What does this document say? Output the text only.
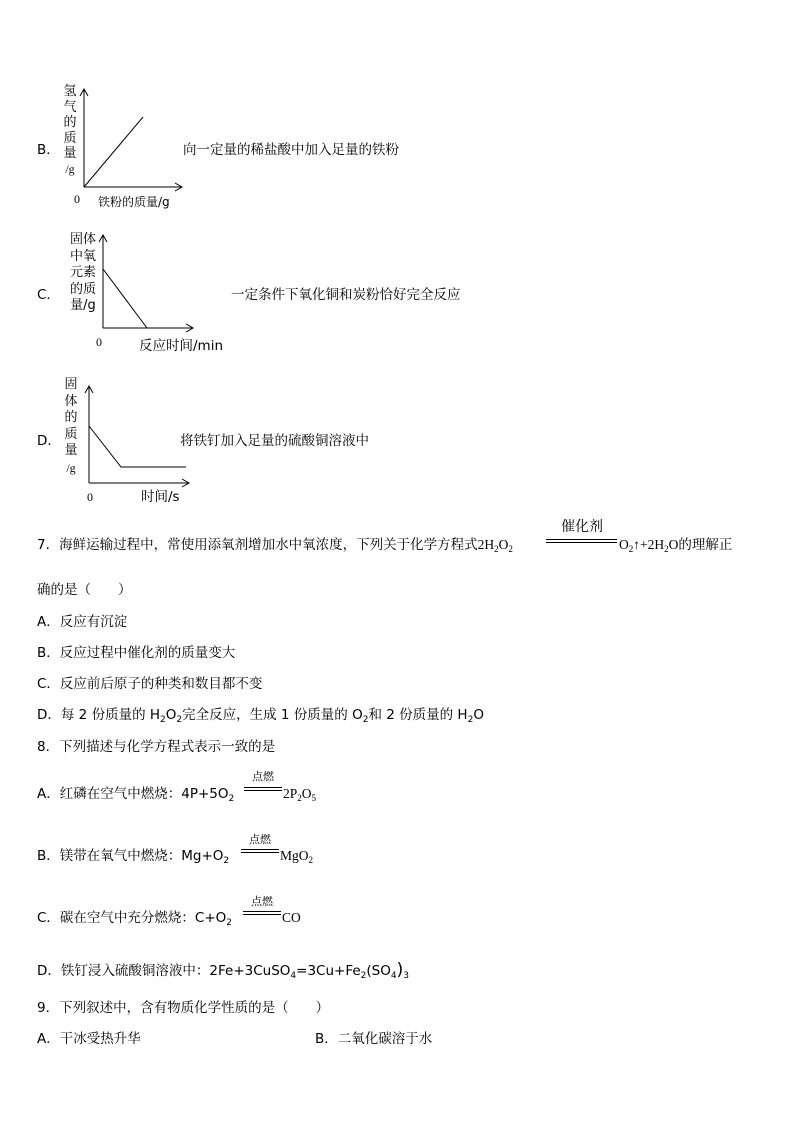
B．
氢
气
的
质
量
/g
0 铁粉的质量/g
向一定量的稀盐酸中加入足量的铁粉
C．
固体
中氧
元素
的质
量/g
0	反应时间/min
一定条件下氧化铜和炭粉恰好完全反应
D．
固
体
的
质
量
/g
0	时间/s
将铁钉加入足量的硫酸铜溶液中
7．海鲜运输过程中，常使用添氧剂增加水中氧浓度，下列关于化学方程式$2H_2O_2$
催化剂
$O_2↑+2H_2O$的理解正
确的是（　　）
A．反应有沉淀
B．反应过程中催化剂的质量变大
C．反应前后原子的种类和数目都不变
D．每 2 份质量的 $H_2O_2$完全反应，生成 1 份质量的 $O_2$和 2 份质量的 $H_2O$
8．下列描述与化学方程式表示一致的是
A．红磷在空气中燃烧：$4P+5O_2$
点燃
$2P_2O_5$
B．镁带在氧气中燃烧：$Mg+O_2$
点燃
MgO$_2$
C．碳在空气中充分燃烧：$C+O_2$
点燃
CO
D．铁钉浸入硫酸铜溶液中：$2Fe+3CuSO_4=3Cu+Fe_2(SO_4)_3$
9．下列叙述中，含有物质化学性质的是（　　）
A．干冰受热升华	B．二氧化碳溶于水
